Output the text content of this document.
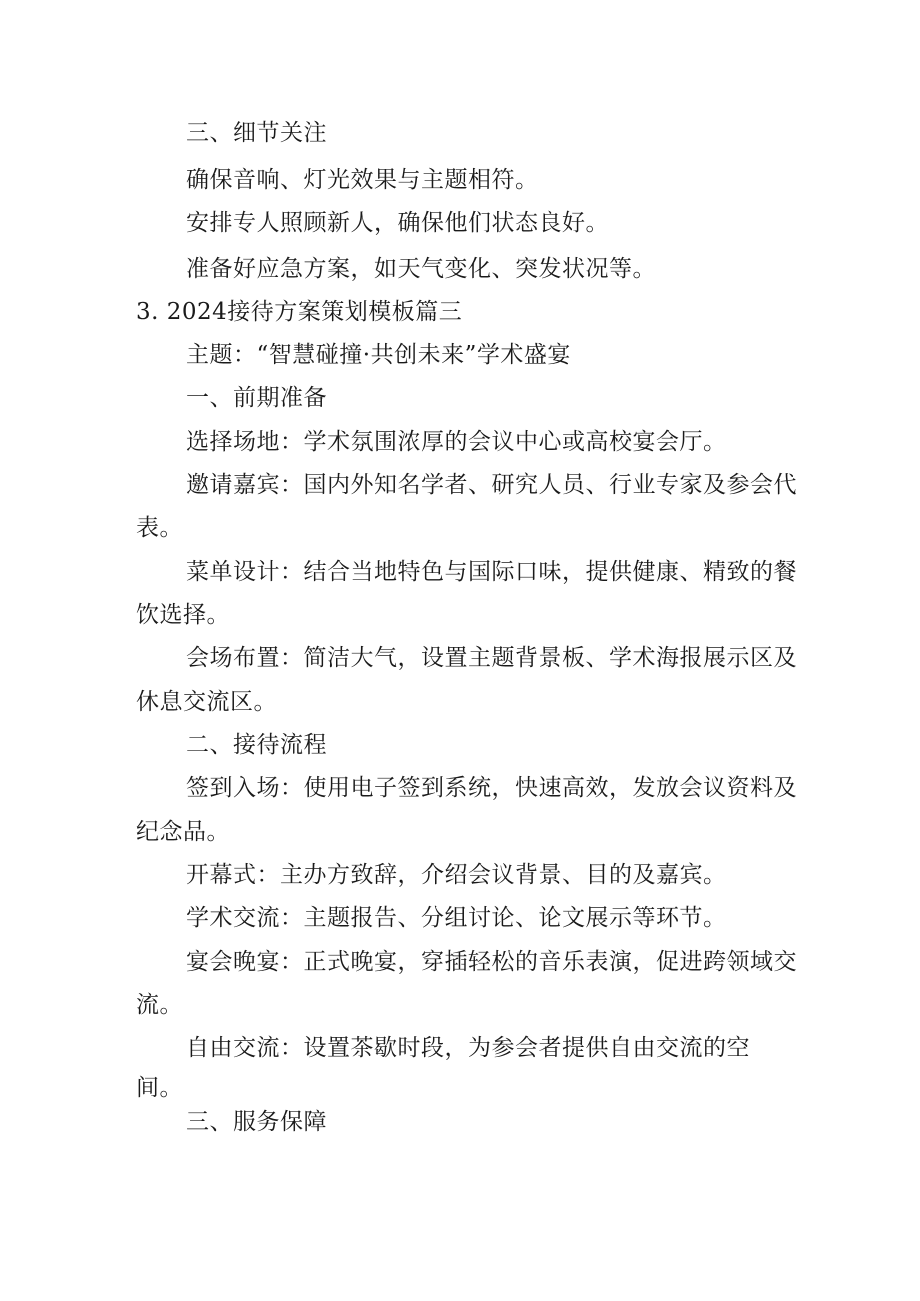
三、细节关注
确保音响、灯光效果与主题相符。
安排专人照顾新人，确保他们状态良好。
准备好应急方案，如天气变化、突发状况等。
3. 2024接待方案策划模板篇三
主题：“智慧碰撞·共创未来”学术盛宴
一、前期准备
选择场地：学术氛围浓厚的会议中心或高校宴会厅。
邀请嘉宾：国内外知名学者、研究人员、行业专家及参会代
表。
菜单设计：结合当地特色与国际口味，提供健康、精致的餐
饮选择。
会场布置：简洁大气，设置主题背景板、学术海报展示区及
休息交流区。
二、接待流程
签到入场：使用电子签到系统，快速高效，发放会议资料及
纪念品。
开幕式：主办方致辞，介绍会议背景、目的及嘉宾。
学术交流：主题报告、分组讨论、论文展示等环节。
宴会晚宴：正式晚宴，穿插轻松的音乐表演，促进跨领域交
流。
自由交流：设置茶歇时段，为参会者提供自由交流的空
间。
三、服务保障
